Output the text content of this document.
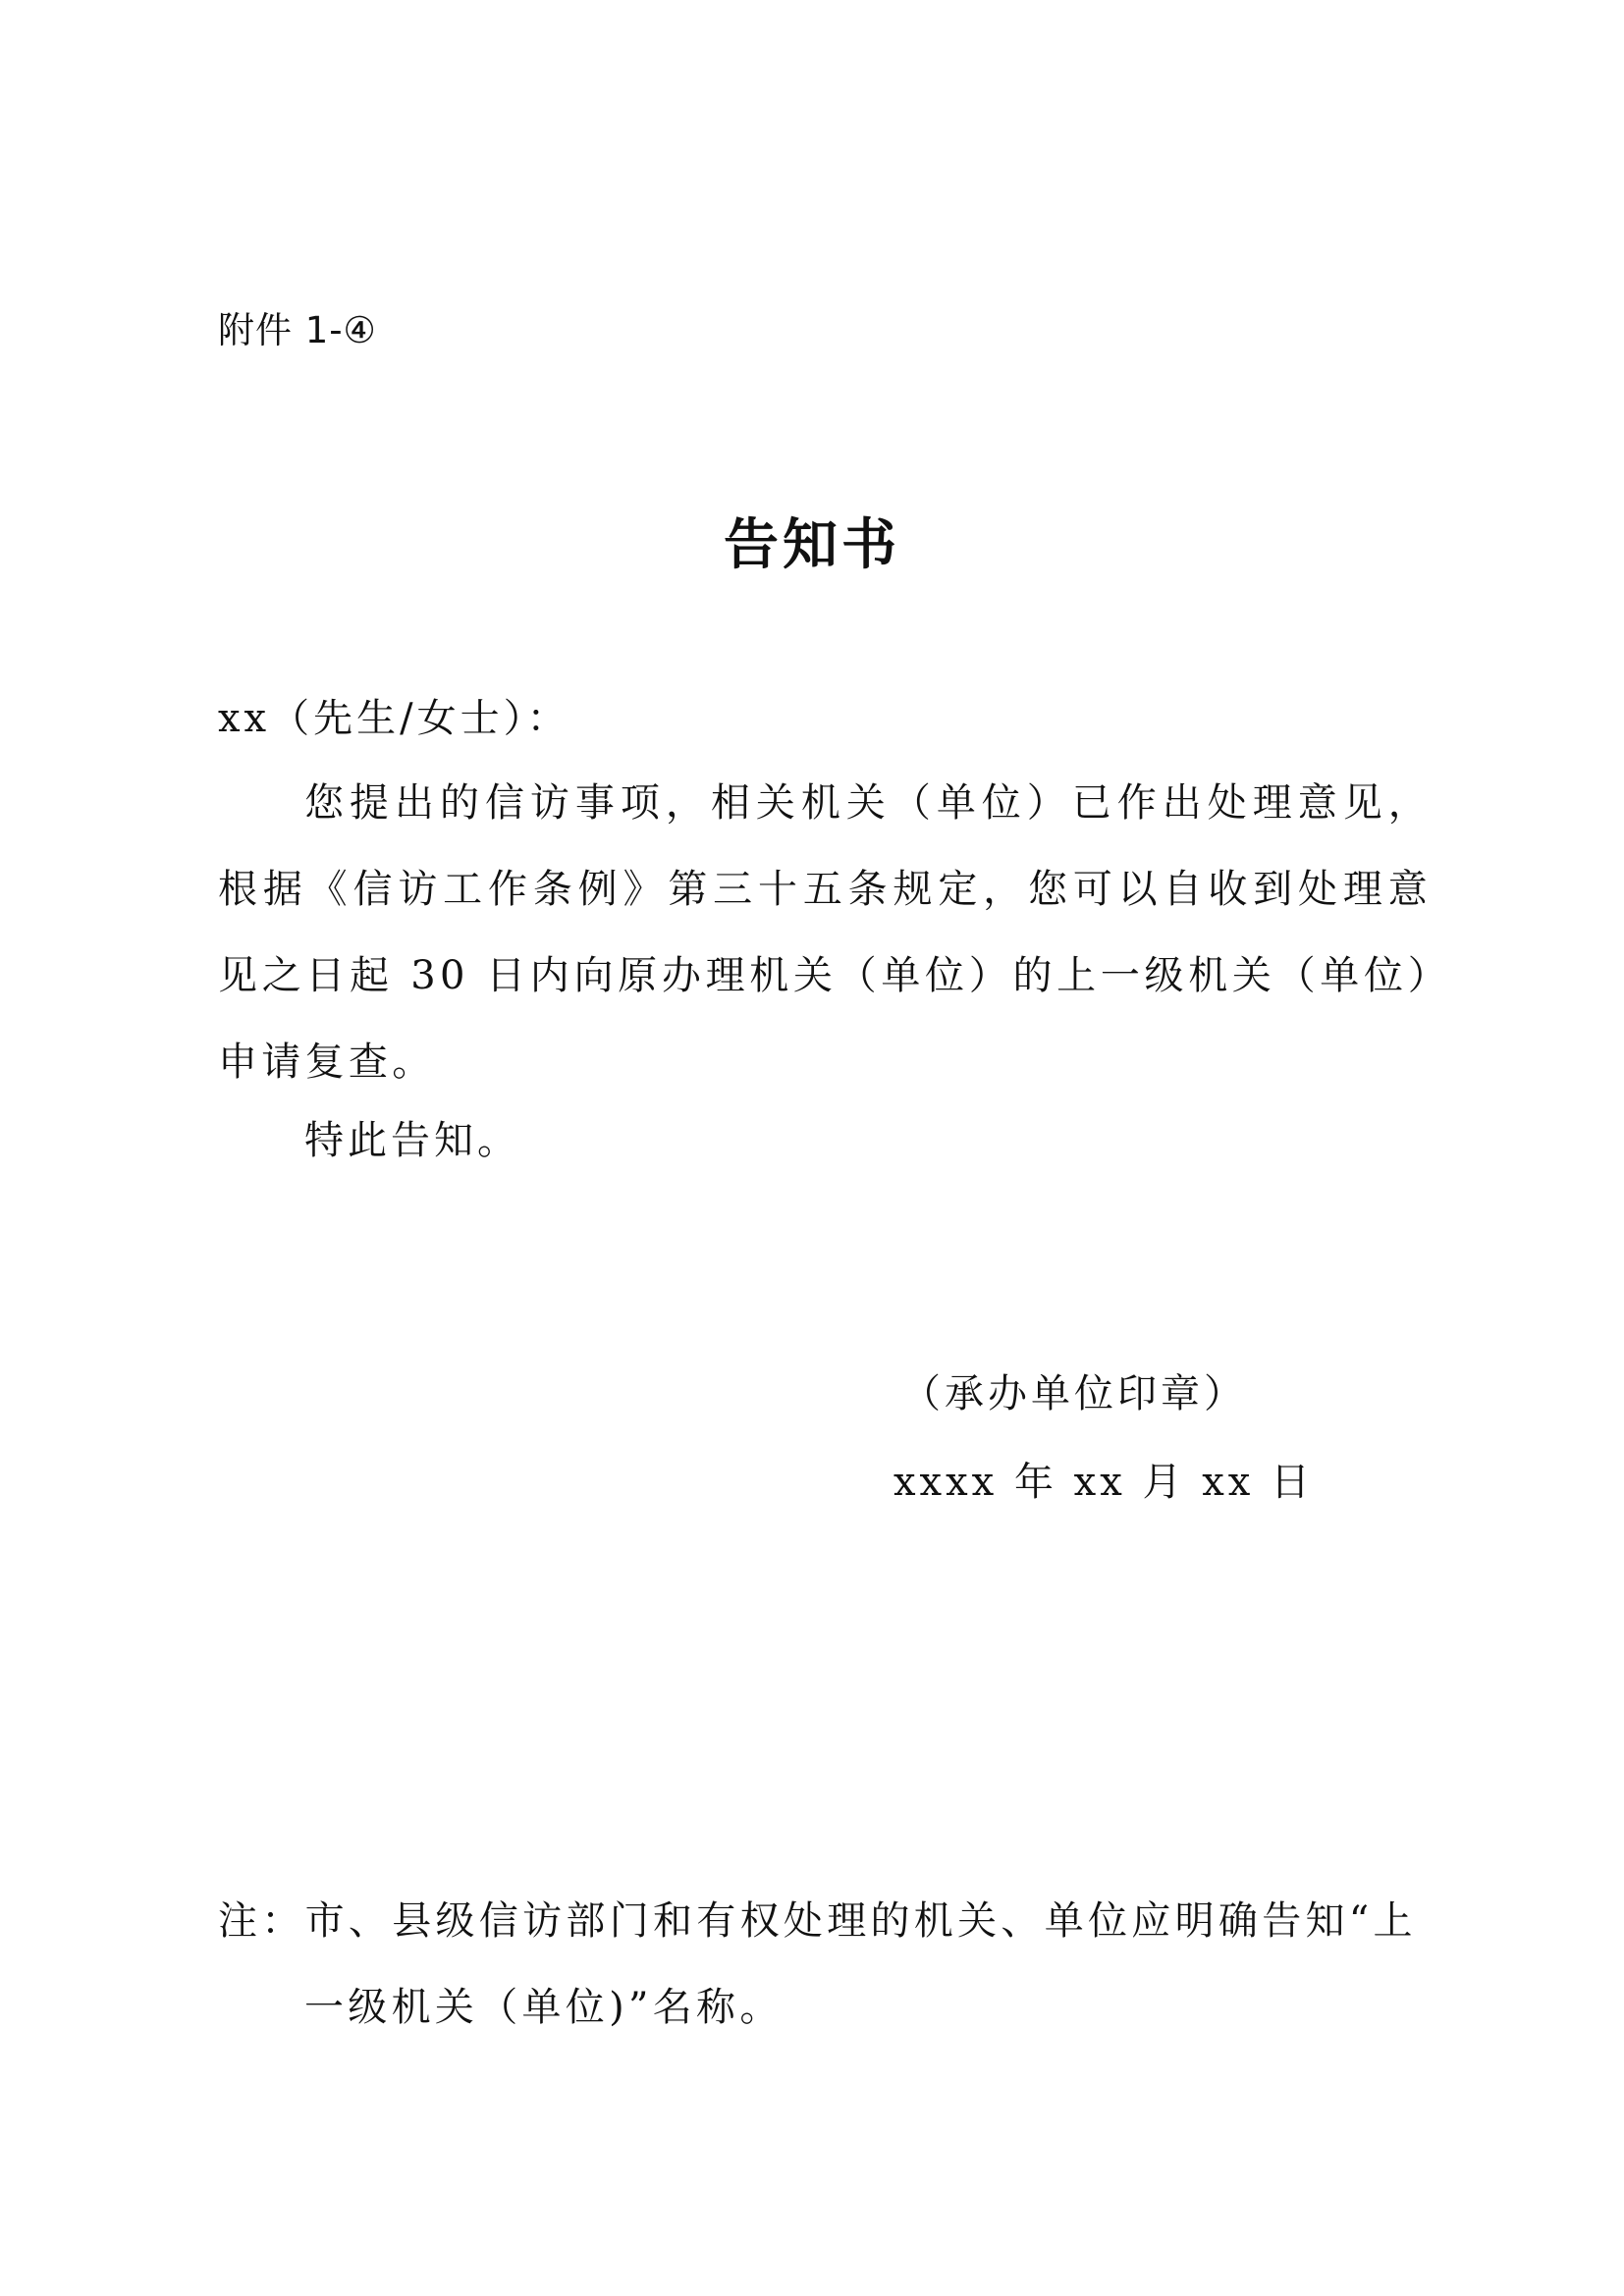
附件 1-④
告知书
xx（先生/女士）：
您提出的信访事项，相关机关（单位）已作出处理意见，根据《信访工作条例》第三十五条规定，您可以自收到处理意见之日起 30 日内向原办理机关（单位）的上一级机关（单位）申请复查。
特此告知。
（承办单位印章）
xxxx 年 xx 月 xx 日
注：市、县级信访部门和有权处理的机关、单位应明确告知“上一级机关（单位)”名称。
